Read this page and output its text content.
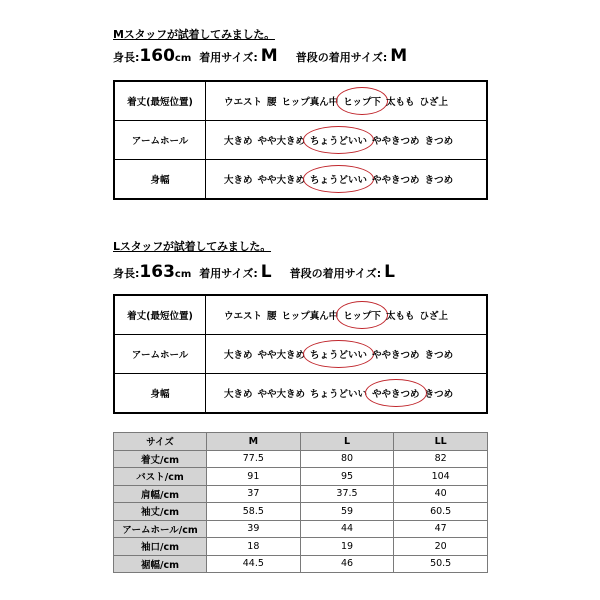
Mスタッフが試着してみました。
身長: 160 cm 着用サイズ: M 普段の着用サイズ: M
着丈(最短位置)	ウエスト 腰 ヒップ真ん中 ヒップ下 太もも ひざ上
アームホール	大きめ やや大きめ ちょうどいい ややきつめ きつめ
身幅	大きめ やや大きめ ちょうどいい ややきつめ きつめ
Lスタッフが試着してみました。
身長: 163 cm 着用サイズ: L 普段の着用サイズ: L
着丈(最短位置)	ウエスト 腰 ヒップ真ん中 ヒップ下 太もも ひざ上
アームホール	大きめ やや大きめ ちょうどいい ややきつめ きつめ
身幅	大きめ やや大きめ ちょうどいい ややきつめ きつめ
サイズ	M	L	LL
着丈/cm	77.5	80	82
バスト/cm	91	95	104
肩幅/cm	37	37.5	40
袖丈/cm	58.5	59	60.5
アームホール/cm	39	44	47
袖口/cm	18	19	20
裾幅/cm	44.5	46	50.5
